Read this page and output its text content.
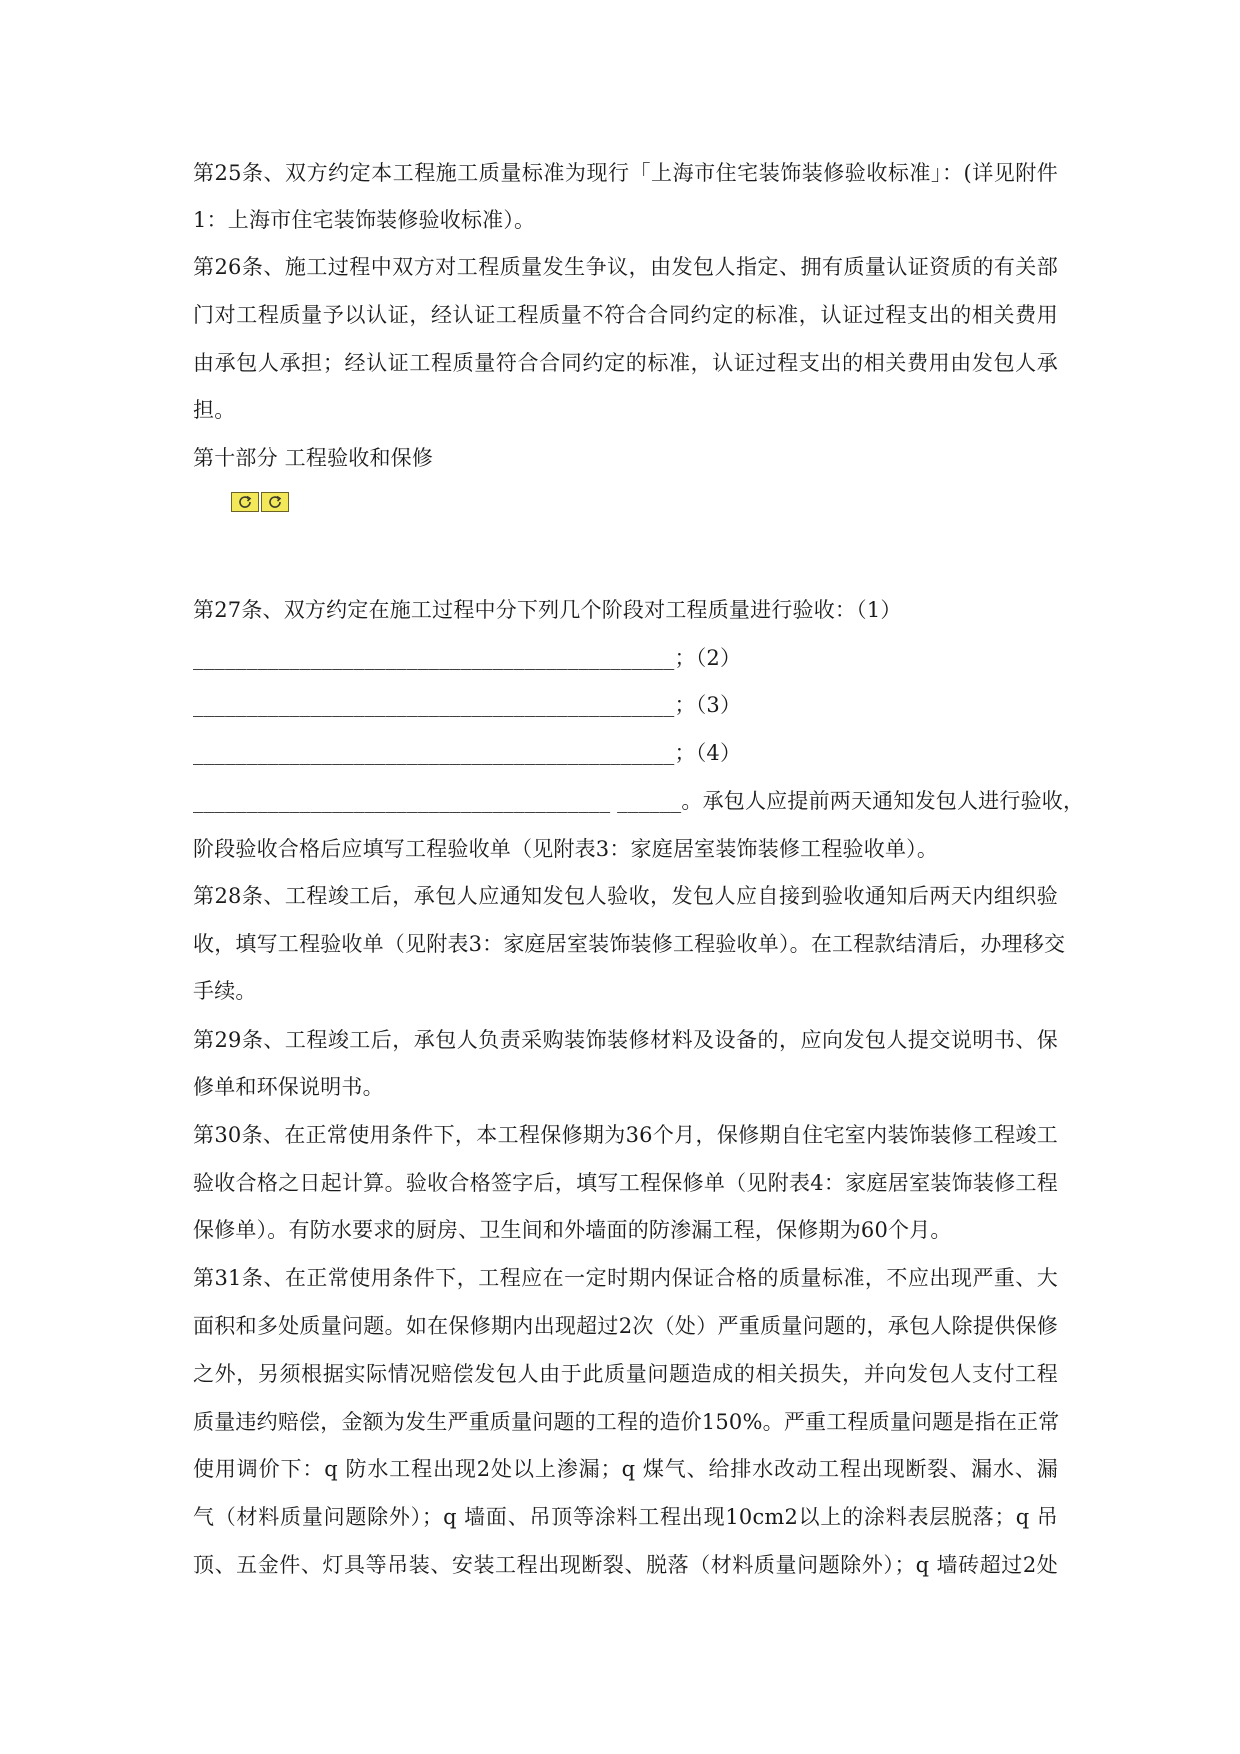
第25条、双方约定本工程施工质量标准为现行「上海市住宅装饰装修验收标准」：(详见附件
1：上海市住宅装饰装修验收标准）。
第26条、施工过程中双方对工程质量发生争议，由发包人指定、拥有质量认证资质的有关部
门对工程质量予以认证，经认证工程质量不符合合同约定的标准，认证过程支出的相关费用
由承包人承担；经认证工程质量符合合同约定的标准，认证过程支出的相关费用由发包人承
担。
第十部分 工程验收和保修
第27条、双方约定在施工过程中分下列几个阶段对工程质量进行验收：（1）
_____________________________________________；（2）
_____________________________________________；（3）
_____________________________________________；（4）
_______________________________________ ______。承包人应提前两天通知发包人进行验收，
阶段验收合格后应填写工程验收单（见附表3：家庭居室装饰装修工程验收单）。
第28条、工程竣工后，承包人应通知发包人验收，发包人应自接到验收通知后两天内组织验
收，填写工程验收单（见附表3：家庭居室装饰装修工程验收单）。在工程款结清后，办理移交
手续。
第29条、工程竣工后，承包人负责采购装饰装修材料及设备的，应向发包人提交说明书、保
修单和环保说明书。
第30条、在正常使用条件下，本工程保修期为36个月，保修期自住宅室内装饰装修工程竣工
验收合格之日起计算。验收合格签字后，填写工程保修单（见附表4：家庭居室装饰装修工程
保修单）。有防水要求的厨房、卫生间和外墙面的防渗漏工程，保修期为60个月。
第31条、在正常使用条件下，工程应在一定时期内保证合格的质量标准，不应出现严重、大
面积和多处质量问题。如在保修期内出现超过2次（处）严重质量问题的，承包人除提供保修
之外，另须根据实际情况赔偿发包人由于此质量问题造成的相关损失，并向发包人支付工程
质量违约赔偿，金额为发生严重质量问题的工程的造价150%。严重工程质量问题是指在正常
使用调价下：q 防水工程出现2处以上渗漏；q 煤气、给排水改动工程出现断裂、漏水、漏
气（材料质量问题除外）；q 墙面、吊顶等涂料工程出现10cm2以上的涂料表层脱落；q 吊
顶、五金件、灯具等吊装、安装工程出现断裂、脱落（材料质量问题除外）；q 墙砖超过2处
